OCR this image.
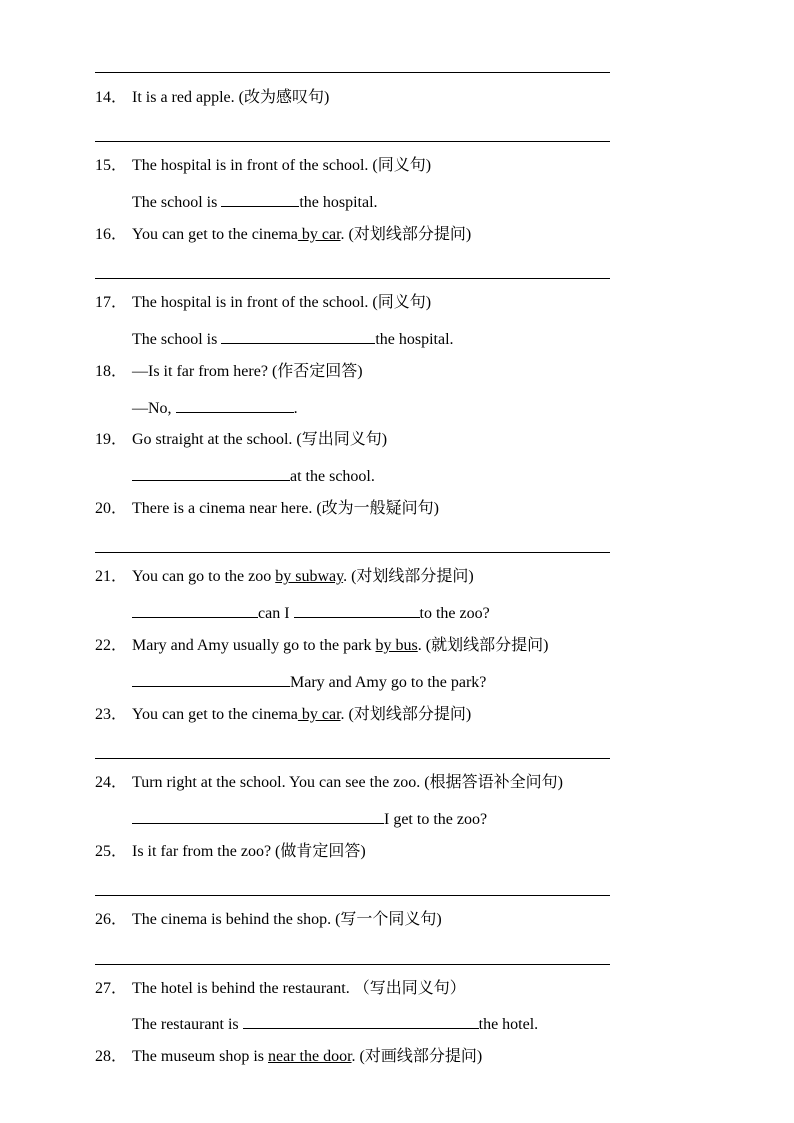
14． It is a red apple. (改为感叹句)
15． The hospital is in front of the school. (同义句)
The school is	the hospital.
16． You can get to the cinema by car. (对划线部分提问)
17． The hospital is in front of the school. (同义句)
The school is	the hospital.
18． —Is it far from here? (作否定回答)
—No,	.
19． Go straight at the school. (写出同义句)
at the school.
20． There is a cinema near here. (改为一般疑问句)
21． You can go to the zoo by subway. (对划线部分提问)
can I	to the zoo?
22． Mary and Amy usually go to the park by bus. (就划线部分提问)
Mary and Amy go to the park?
23． You can get to the cinema by car. (对划线部分提问)
24． Turn right at the school. You can see the zoo. (根据答语补全问句)
I get to the zoo?
25． Is it far from the zoo? (做肯定回答)
26． The cinema is behind the shop. (写一个同义句)
27． The hotel is behind the restaurant. （写出同义句）
The restaurant is	the hotel.
28． The museum shop is near the door. (对画线部分提问)
